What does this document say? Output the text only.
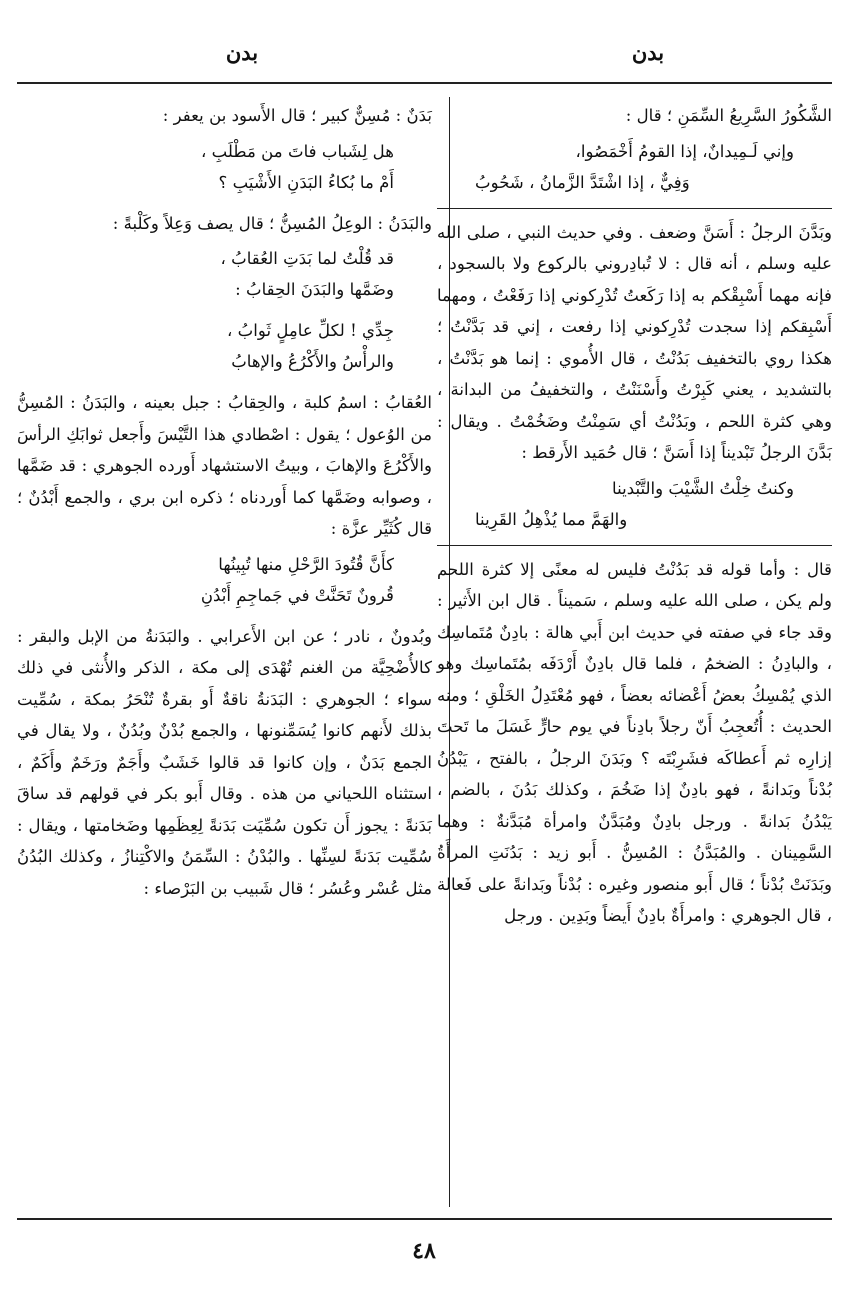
بدن
بدن

الشَّكُورُ السَّرِيعُ السِّمَنِ ؛ قال :

وإني لَـمِيدانٌ، إذا القومُ أَخْمَصُوا،
وَفِيٌّ ، إذا اشْتَدَّ الزَّمانُ ، شَحُوبُ

وبَدَّنَ الرجلُ : أَسَنَّ وضعف . وفي حديث النبي ، صلى الله عليه وسلم ، أنه قال : لا تُبادِروني بالركوع ولا بالسجود ، فإنه مهما أَسْبِقْكم به إذا رَكَعتُ تُدْرِكوني إذا رَفَعْتُ ، ومهما أَسْبِقكم إذا سجدت تُدْرِكوني إذا رفعت ، إني قد بَدَّنْتُ ؛ هكذا روي بالتخفيف بَدُنْتُ ، قال الأُموي : إنما هو بَدَّنْتُ ، بالتشديد ، يعني كَبِرْتُ وأَسْنَنْتُ ، والتخفيفُ من البدانة ، وهي كثرة اللحم ، وبَدُنْتُ أي سَمِنْتُ وضَخُمْتُ . ويقال : بَدَّنَ الرجلُ تَبْديناً إذا أَسَنَّ ؛ قال حُمَيد الأَرقط :

وكنتُ خِلْتُ الشَّيْبَ والتَّبْدينا
والهَمَّ مما يُذْهِلُ القَرِينا

قال : وأما قوله قد بَدُنْتُ فليس له معنًى إلا كثرة اللحم ولم يكن ، صلى الله عليه وسلم ، سَميناً . قال ابن الأَثير : وقد جاء في صفته في حديث ابن أَبي هالة : بادِنٌ مُتَماسِك ، والبادِنُ : الضخمُ ، فلما قال بادِنٌ أَرْدَفَه بمُتَماسِك وهو الذي يُمْسِكُ بعضُ أَعْضائه بعضاً ، فهو مُعْتَدِلُ الخَلْقِ ؛ ومنه الحديث : أُتُعجِبُ أَنّ رجلاً بادِناً في يوم حارٍّ غَسَلَ ما تَحتَ إزارِه ثم أَعطاكَه فشَرِبْتَه ؟ وبَدَنَ الرجلُ ، بالفتح ، يَبْدُنُ بُدْناً وبَدانةً ، فهو بادِنٌ إذا ضَخُمَ ، وكذلك بَدُنَ ، بالضم ، يَبْدُنُ بَدانةً . ورجل بادِنٌ ومُبَدَّنٌ وامرأة مُبَدَّنةٌ : وهما السَّمِينان . والمُبَدَّنُ : المُسِنُّ . أَبو زيد : بَدُنَتِ المرأَةُ وبَدَنَتْ بُدْناً ؛ قال أَبو منصور وغيره : بُدْناً وبَدانةً على فَعالة ، قال الجوهري : وامرأَةٌ بادِنٌ أَيضاً وبَدِين . ورجل

بَدَنٌ : مُسِنٌّ كبير ؛ قال الأَسود بن يعفر :

هل لِشَباب فاتَ من مَطْلَبِ ،
أَمْ ما بُكاءُ البَدَنِ الأَشْيَبِ ؟

والبَدَنُ : الوعِلُ المُسِنُّ ؛ قال يصف وَعِلاً وكَلْبةً :

قد قُلْتُ لما بَدَتِ العُقابُ ،
وضَمَّها والبَدَنَ الحِقابُ :
جِدِّي ! لكلِّ عامِلٍ ثَوابُ ،
والرأْسُ والأَكْرُعُ والإهابُ

العُقابُ : اسمُ كلبة ، والحِقابُ : جبل بعينه ، والبَدَنُ : المُسِنُّ من الوُعول ؛ يقول : اصْطادي هذا التَّيْسَ وأَجعل ثوابَكِ الرأسَ والأَكْرُعَ والإهابَ ، وبيتُ الاستشهاد أَورده الجوهري : قد ضَمَّها ، وصوابه وضَمَّها كما أَوردناه ؛ ذكره ابن بري ، والجمع أَبْدُنٌ ؛ قال كُثَيِّر عزَّة :

كأَنَّ قُتُودَ الرَّحْلِ منها تُبِينُها
قُرونٌ تَحَنَّتْ في جَماجِمِ أَبْدُنِ

وبُدونٌ ، نادر ؛ عن ابن الأَعرابي . والبَدَنةُ من الإبل والبقر : كالأُضْحِيَّة من الغنم تُهْدَى إلى مكة ، الذكر والأُنثى في ذلك سواء ؛ الجوهري : البَدَنةُ ناقةٌ أَو بقرةٌ تُنْحَرُ بمكة ، سُمِّيت بذلك لأَنهم كانوا يُسَمِّنونها ، والجمع بُدْنٌ وبُدُنٌ ، ولا يقال في الجمع بَدَنٌ ، وإن كانوا قد قالوا خَشَبٌ وأَجَمٌ ورَخَمٌ وأَكَمٌ ، استثناه اللحياني من هذه . وقال أَبو بكر في قولهم قد ساقَ بَدَنةً : يجوز أَن تكون سُمِّيَت بَدَنةً لِعِظَمِها وضَخامتها ، ويقال : سُمِّيت بَدَنةً لسِنِّها . والبُدْنُ : السِّمَنُ والاكْتِنازُ ، وكذلك البُدُنُ مثل عُسْر وعُسُر ؛ قال شَبيب بن البَرْصاء :

٤٨
